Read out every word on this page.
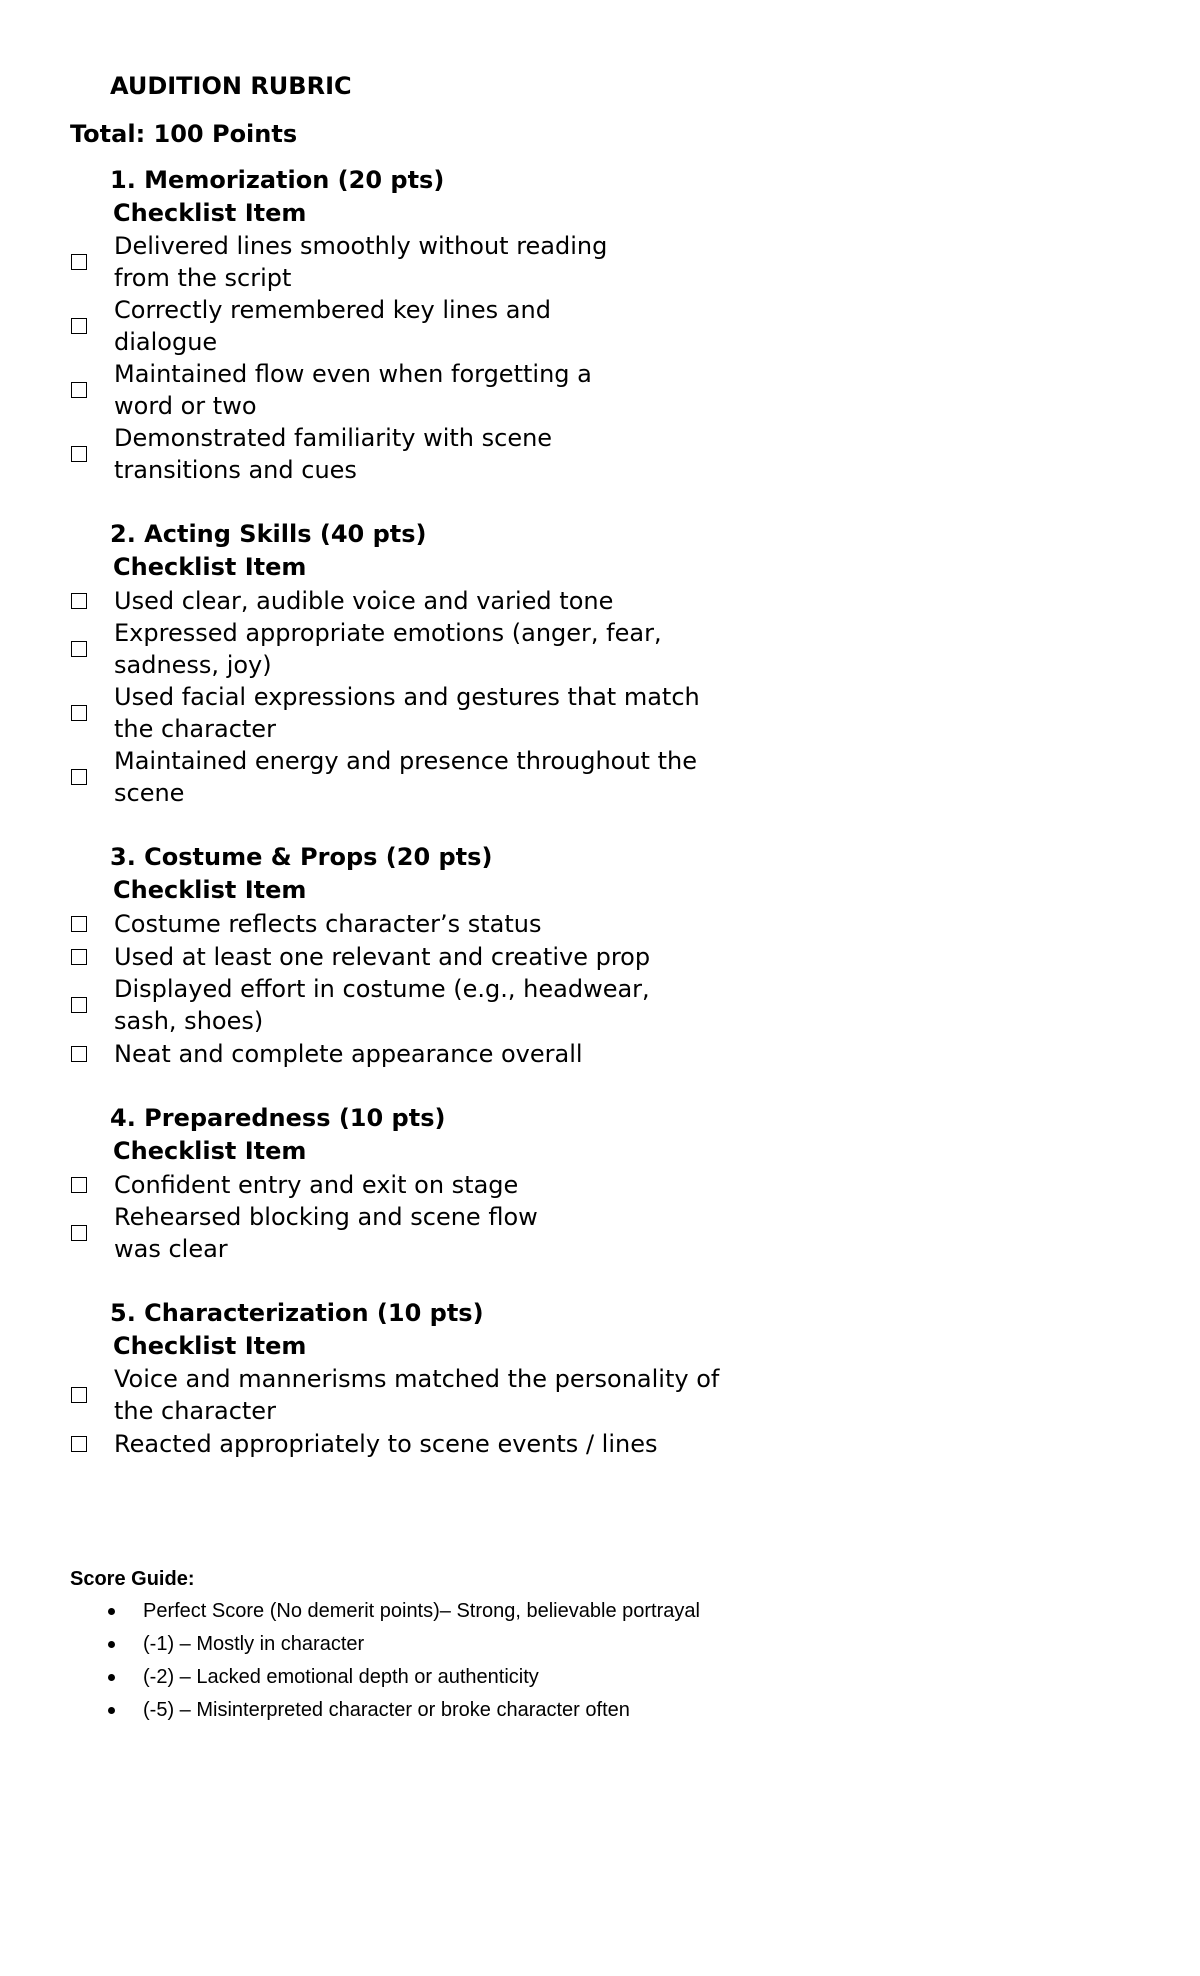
AUDITION RUBRIC
Total: 100 Points
1. Memorization (20 pts)
Checklist Item
Delivered lines smoothly without reading from the script
Correctly remembered key lines and dialogue
Maintained flow even when forgetting a word or two
Demonstrated familiarity with scene transitions and cues
2. Acting Skills (40 pts)
Checklist Item
Used clear, audible voice and varied tone
Expressed appropriate emotions (anger, fear, sadness, joy)
Used facial expressions and gestures that match the character
Maintained energy and presence throughout the scene
3. Costume & Props (20 pts)
Checklist Item
Costume reflects character’s status
Used at least one relevant and creative prop
Displayed effort in costume (e.g., headwear, sash, shoes)
Neat and complete appearance overall
4. Preparedness (10 pts)
Checklist Item
Confident entry and exit on stage
Rehearsed blocking and scene flow was clear
5. Characterization (10 pts)
Checklist Item
Voice and mannerisms matched the personality of the character
Reacted appropriately to scene events / lines

Score Guide:

Perfect Score (No demerit points)– Strong, believable portrayal
(-1) – Mostly in character
(-2) – Lacked emotional depth or authenticity
(-5) – Misinterpreted character or broke character often
